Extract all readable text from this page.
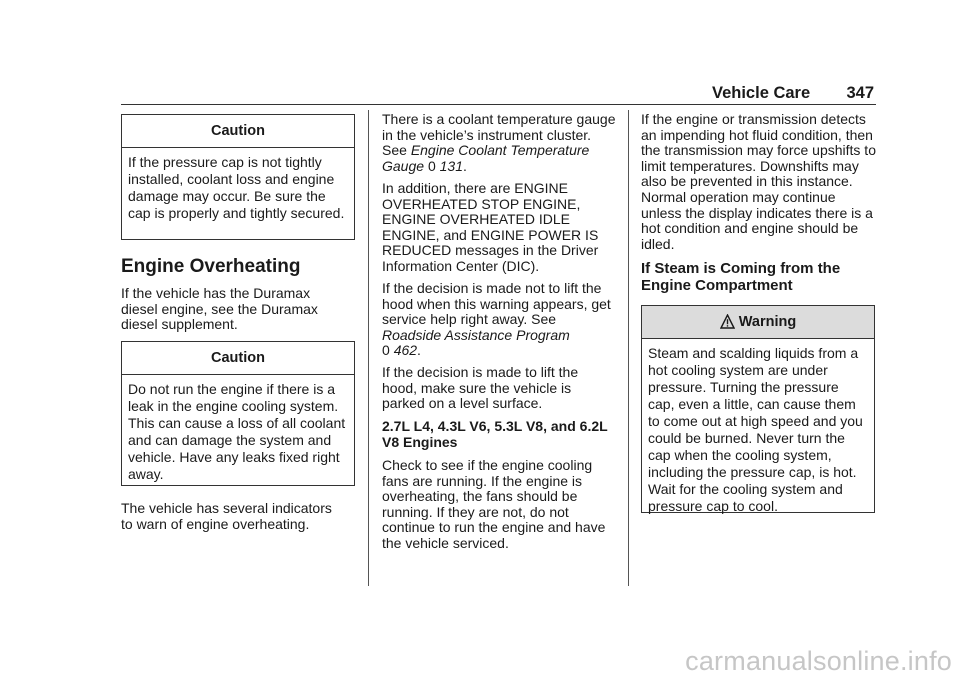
Vehicle Care 347
Caution
If the pressure cap is not tightly installed, coolant loss and engine damage may occur. Be sure the cap is properly and tightly secured.
Engine Overheating
If the vehicle has the Duramax diesel engine, see the Duramax diesel supplement.
Caution
Do not run the engine if there is a leak in the engine cooling system. This can cause a loss of all coolant and can damage the system and vehicle. Have any leaks fixed right away.
The vehicle has several indicators to warn of engine overheating.
There is a coolant temperature gauge in the vehicle’s instrument cluster. See Engine Coolant Temperature Gauge 0 131.
In addition, there are ENGINE OVERHEATED STOP ENGINE, ENGINE OVERHEATED IDLE ENGINE, and ENGINE POWER IS REDUCED messages in the Driver Information Center (DIC).
If the decision is made not to lift the hood when this warning appears, get service help right away. See Roadside Assistance Program
0 462.
If the decision is made to lift the hood, make sure the vehicle is parked on a level surface.
2.7L L4, 4.3L V6, 5.3L V8, and 6.2L V8 Engines
Check to see if the engine cooling fans are running. If the engine is overheating, the fans should be running. If they are not, do not continue to run the engine and have the vehicle serviced.
If the engine or transmission detects an impending hot fluid condition, then the transmission may force upshifts to limit temperatures. Downshifts may also be prevented in this instance. Normal operation may continue unless the display indicates there is a hot condition and engine should be idled.
If Steam is Coming from the Engine Compartment
Warning
Steam and scalding liquids from a hot cooling system are under pressure. Turning the pressure cap, even a little, can cause them to come out at high speed and you could be burned. Never turn the cap when the cooling system, including the pressure cap, is hot. Wait for the cooling system and pressure cap to cool.
carmanualsonline.info
